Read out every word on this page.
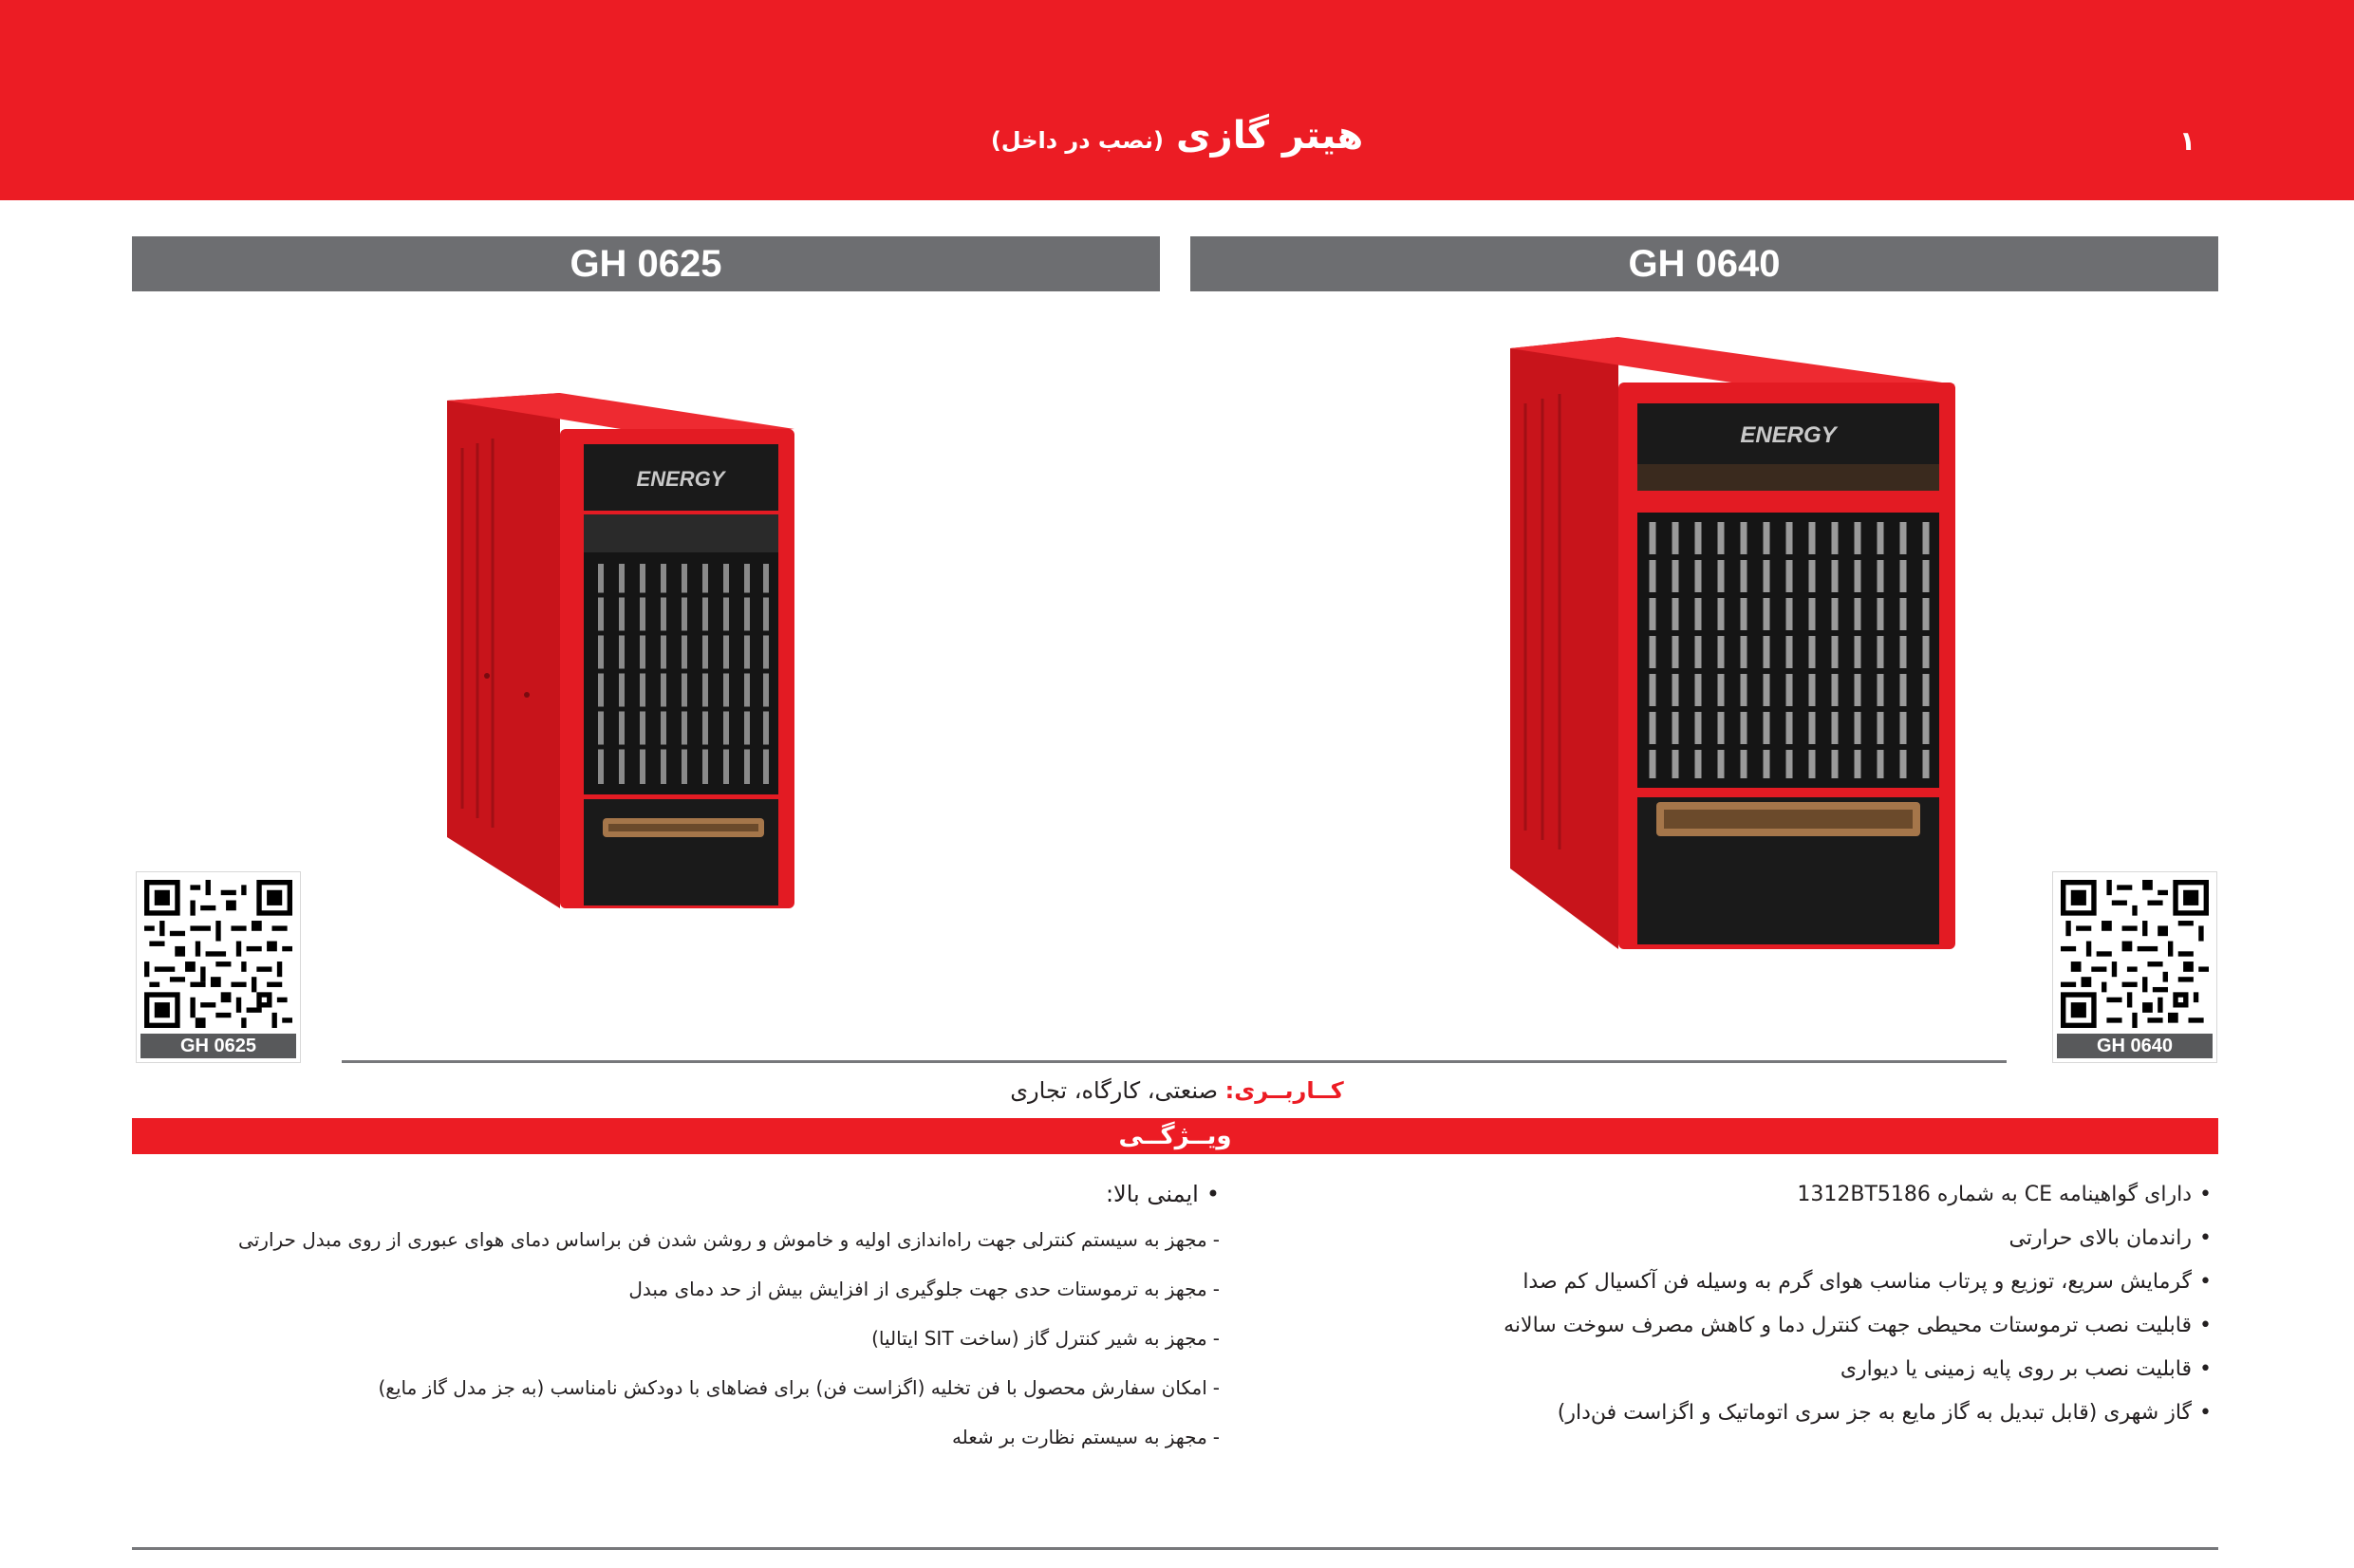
هیتر گازی (نصب در داخل)	۱
GH 0625	GH 0640
ENERGY
ENERGY
GH 0625	GH 0640
کــاربــری: صنعتی، کارگاه، تجاری
ویــژگــی
•دارای گواهینامه CE به شماره 1312BT5186
•راندمان بالای حرارتی
•گرمایش سریع، توزیع و پرتاب مناسب هوای گرم به وسیله فن آکسیال کم صدا
•قابلیت نصب ترموستات محیطی جهت کنترل دما و کاهش مصرف سوخت سالانه
•قابلیت نصب بر روی پایه زمینی یا دیواری
•گاز شهری (قابل تبدیل به گاز مایع به جز سری اتوماتیک و اگزاست فن‌دار)
•ایمنی بالا:
-مجهز به سیستم کنترلی جهت راه‌اندازی اولیه و خاموش و روشن شدن فن براساس دمای هوای عبوری از روی مبدل حرارتی
-مجهز به ترموستات حدی جهت جلوگیری از افزایش بیش از حد دمای مبدل
-مجهز به شیر کنترل گاز (ساخت SIT ایتالیا)
-امکان سفارش محصول با فن تخلیه (اگزاست فن) برای فضاهای با دودکش نامناسب (به جز مدل گاز مایع)
-مجهز به سیستم نظارت بر شعله
